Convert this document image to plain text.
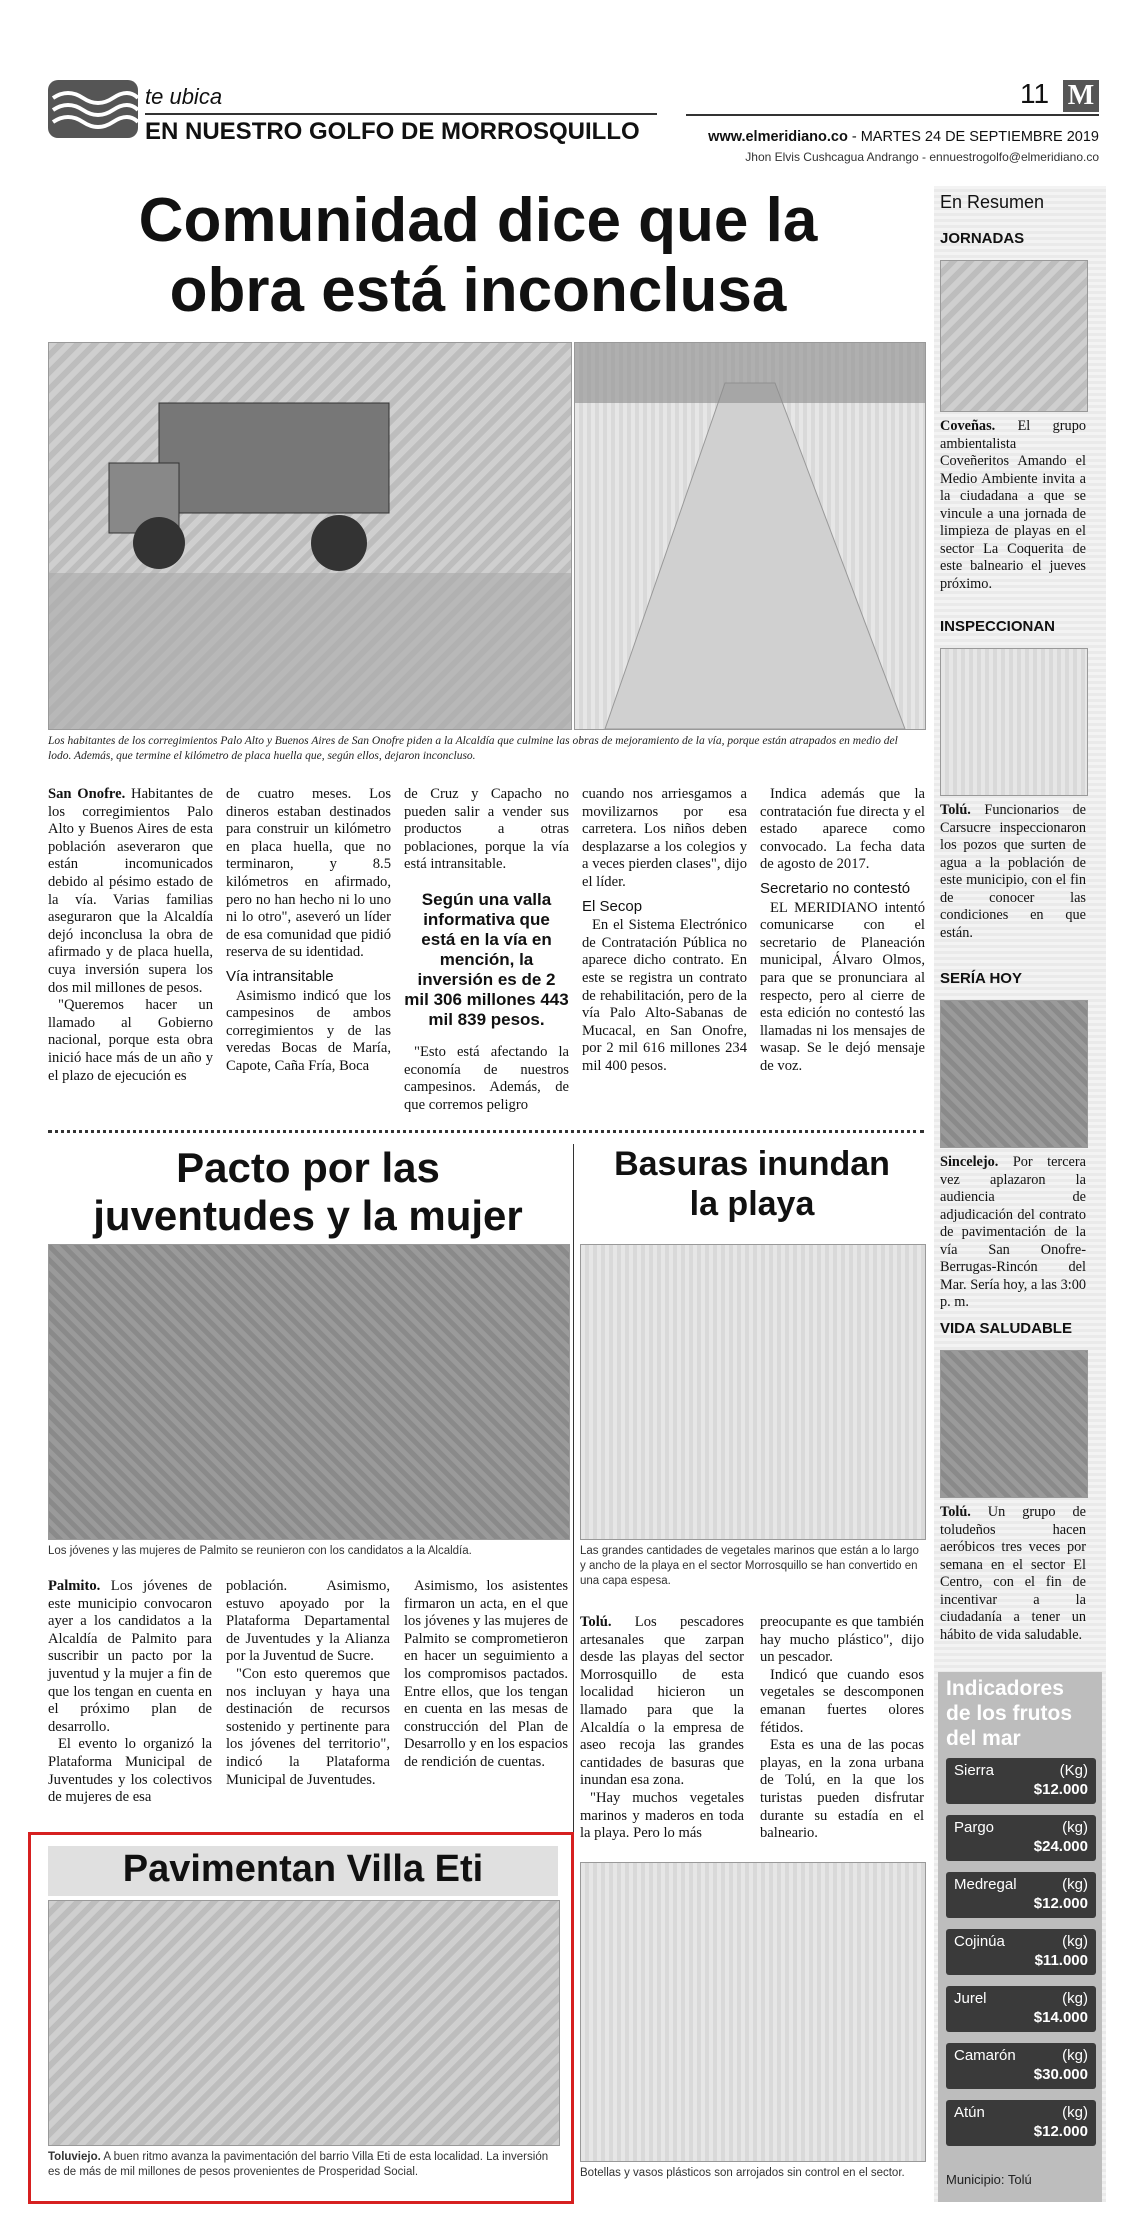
te ubica
EN NUESTRO GOLFO DE MORROSQUILLO
11 M
www.elmeridiano.co - MARTES 24 DE SEPTIEMBRE 2019
Jhon Elvis Cushcagua Andrango - ennuestrogolfo@elmeridiano.co
Comunidad dice que la
obra está inconclusa
Los habitantes de los corregimientos Palo Alto y Buenos Aires de San Onofre piden a la Alcaldía que culmine las obras de mejoramiento de la vía, porque están atrapados en medio del lodo. Además, que termine el kilómetro de placa huella que, según ellos, dejaron inconcluso.

San Onofre. Habitantes de los corregimientos Palo Alto y Buenos Aires de esta población aseveraron que están incomunicados debido al pésimo estado de la vía. Varias familias aseguraron que la Alcaldía dejó inconclusa la obra de afirmado y de placa huella, cuya inversión supera los dos mil millones de pesos.

"Queremos hacer un llamado al Gobierno nacional, porque esta obra inició hace más de un año y el plazo de ejecución es

de cuatro meses. Los dineros estaban destinados para construir un kilómetro en placa huella, que no terminaron, y 8.5 kilómetros en afirmado, pero no han hecho ni lo uno ni lo otro", aseveró un líder de esa comunidad que pidió reserva de su identidad.

Vía intransitable

Asimismo indicó que los campesinos de ambos corregimientos y de las veredas Bocas de María, Capote, Caña Fría, Boca

de Cruz y Capacho no pueden salir a vender sus productos a otras poblaciones, porque la vía está intransitable.

Según una valla informativa que está en la vía en mención, la inversión es de 2 mil 306 millones 443 mil 839 pesos.

"Esto está afectando la economía de nuestros campesinos. Además, de que corremos peligro

cuando nos arriesgamos a movilizarnos por esa carretera. Los niños deben desplazarse a los colegios y a veces pierden clases", dijo el líder.

El Secop

En el Sistema Electrónico de Contratación Pública no aparece dicho contrato. En este se registra un contrato de rehabilitación, pero de la vía Palo Alto-Sabanas de Mucacal, en San Onofre, por 2 mil 616 millones 234 mil 400 pesos.

Indica además que la contratación fue directa y el estado aparece como convocado. La fecha data de agosto de 2017.

Secretario no contestó

EL MERIDIANO intentó comunicarse con el secretario de Planeación municipal, Álvaro Olmos, para que se pronunciara al respecto, pero al cierre de esta edición no contestó las llamadas ni los mensajes de wasap. Se le dejó mensaje de voz.

Pacto por las
juventudes y la mujer
Los jóvenes y las mujeres de Palmito se reunieron con los candidatos a la Alcaldía.

Palmito. Los jóvenes de este municipio convocaron ayer a los candidatos a la Alcaldía de Palmito para suscribir un pacto por la juventud y la mujer a fin de que los tengan en cuenta en el próximo plan de desarrollo.

El evento lo organizó la Plataforma Municipal de Juventudes y los colectivos de mujeres de esa

población. Asimismo, estuvo apoyado por la Plataforma Departamental de Juventudes y la Alianza por la Juventud de Sucre.

"Con esto queremos que nos incluyan y haya una destinación de recursos sostenido y pertinente para los jóvenes del territorio", indicó la Plataforma Municipal de Juventudes.

Asimismo, los asistentes firmaron un acta, en el que los jóvenes y las mujeres de Palmito se comprometieron en hacer un seguimiento a los compromisos pactados. Entre ellos, que los tengan en cuenta en las mesas de construcción del Plan de Desarrollo y en los espacios de rendición de cuentas.

Basuras inundan
la playa
Las grandes cantidades de vegetales marinos que están a lo largo y ancho de la playa en el sector Morrosquillo se han convertido en una capa espesa.

Tolú. Los pescadores artesanales que zarpan desde las playas del sector Morrosquillo de esta localidad hicieron un llamado para que la Alcaldía o la empresa de aseo recoja las grandes cantidades de basuras que inundan esa zona.

"Hay muchos vegetales marinos y maderos en toda la playa. Pero lo más

preocupante es que también hay mucho plástico", dijo un pescador.

Indicó que cuando esos vegetales se descomponen emanan fuertes olores fétidos.

Esta es una de las pocas playas, en la zona urbana de Tolú, en la que los turistas pueden disfrutar durante su estadía en el balneario.

Botellas y vasos plásticos son arrojados sin control en el sector.
Pavimentan Villa Eti
Toluviejo. A buen ritmo avanza la pavimentación del barrio Villa Eti de esta localidad. La inversión es de más de mil millones de pesos provenientes de Prosperidad Social.
En Resumen
JORNADAS
Coveñas. El grupo ambientalista Coveñeritos Amando el Medio Ambiente invita a la ciudadana a que se vincule a una jornada de limpieza de playas en el sector La Coquerita de este balneario el jueves próximo.
INSPECCIONAN
Tolú. Funcionarios de Carsucre inspeccionaron los pozos que surten de agua a la población de este municipio, con el fin de conocer las condiciones en que están.
SERÍA HOY
Sincelejo. Por tercera vez aplazaron la audiencia de adjudicación del contrato de pavimentación de la vía San Onofre-Berrugas-Rincón del Mar. Sería hoy, a las 3:00 p. m.
VIDA SALUDABLE
Tolú. Un grupo de toludeños hacen aeróbicos tres veces por semana en el sector El Centro, con el fin de incentivar a la ciudadanía a tener un hábito de vida saludable.
Indicadores
de los frutos
del mar
Sierra	(Kg)
$12.000
Pargo	(kg)
$24.000
Medregal	(kg)
$12.000
Cojinúa	(kg)
$11.000
Jurel	(kg)
$14.000
Camarón	(kg)
$30.000
Atún	(kg)
$12.000
Municipio: Tolú
